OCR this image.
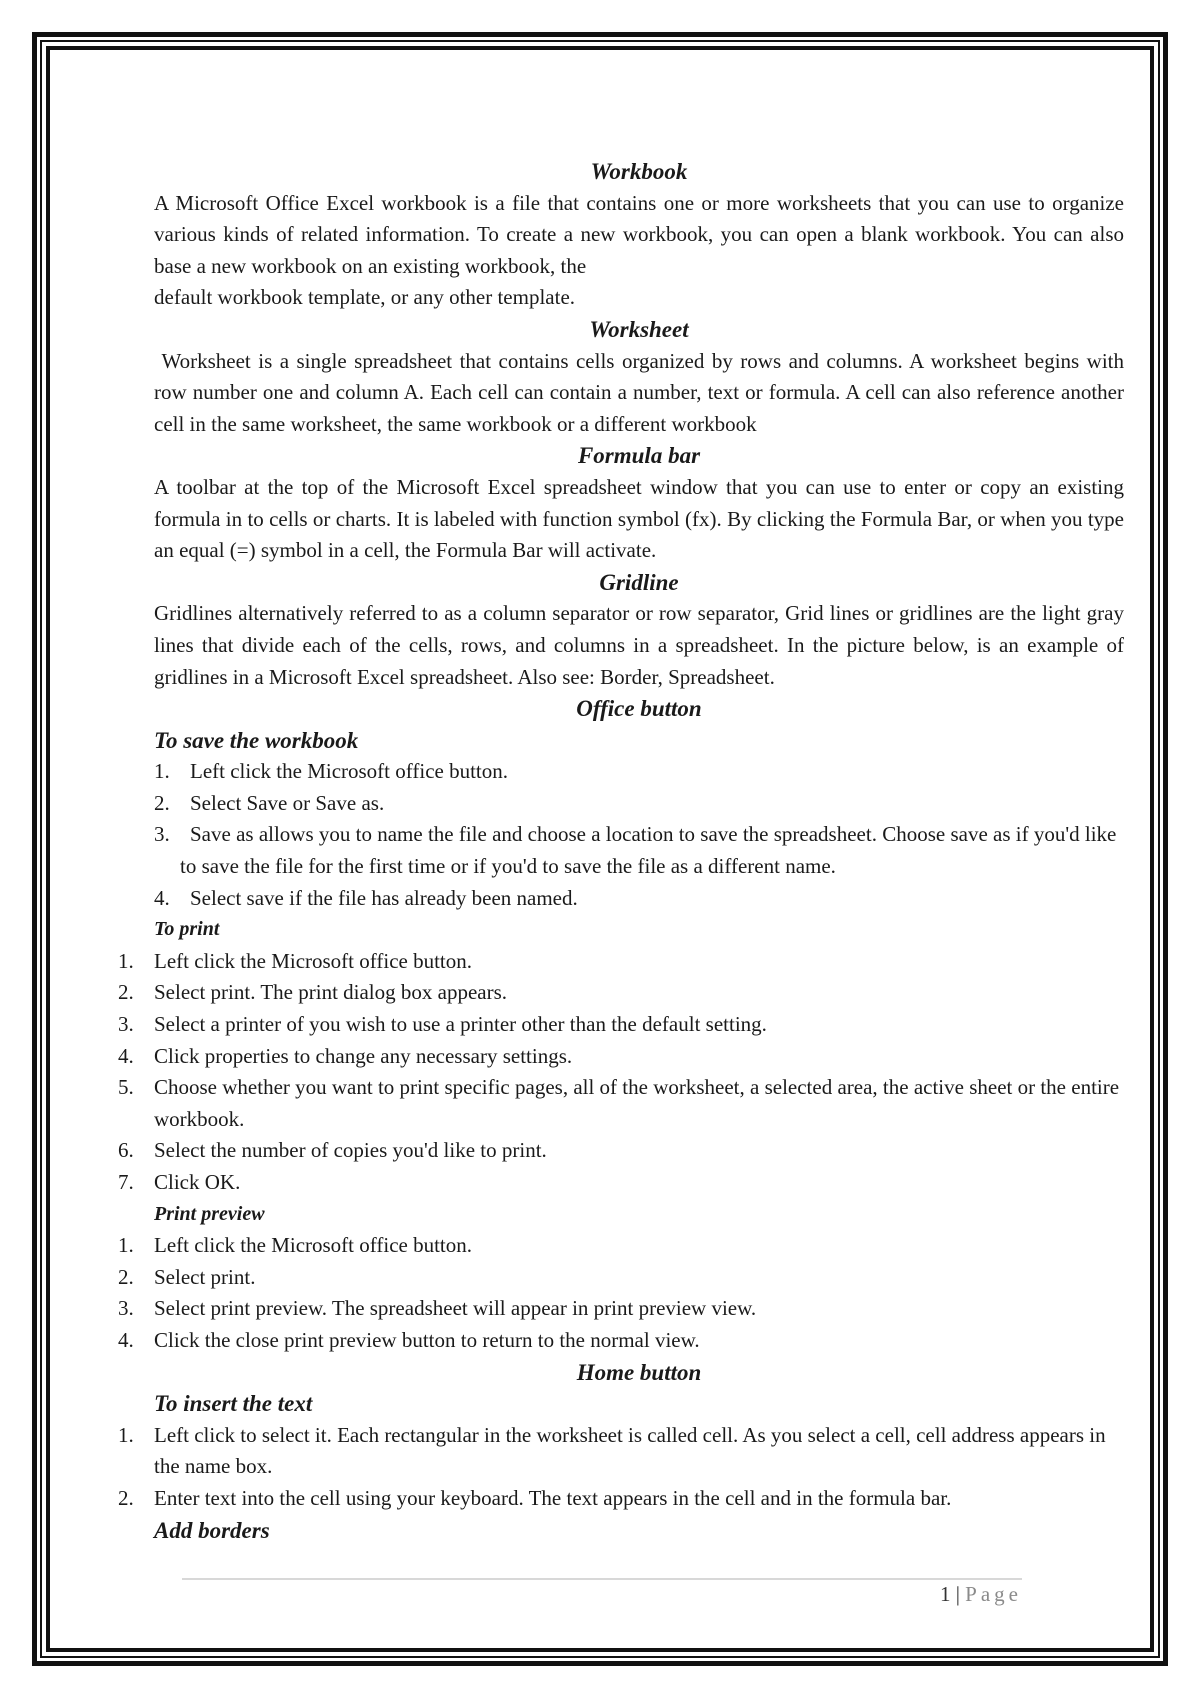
Workbook

A Microsoft Office Excel workbook is a file that contains one or more worksheets that you can use to organize various kinds of related information. To create a new workbook, you can open a blank workbook. You can also base a new workbook on an existing workbook, the

default workbook template, or any other template.

Worksheet

Worksheet is a single spreadsheet that contains cells organized by rows and columns. A worksheet begins with row number one and column A. Each cell can contain a number, text or formula. A cell can also reference another cell in the same worksheet, the same workbook or a different workbook

Formula bar

A toolbar at the top of the Microsoft Excel spreadsheet window that you can use to enter or copy an existing formula in to cells or charts. It is labeled with function symbol (fx). By clicking the Formula Bar, or when you type an equal (=) symbol in a cell, the Formula Bar will activate.

Gridline

Gridlines alternatively referred to as a column separator or row separator, Grid lines or gridlines are the light gray lines that divide each of the cells, rows, and columns in a spreadsheet. In the picture below, is an example of gridlines in a Microsoft Excel spreadsheet. Also see: Border, Spreadsheet.

Office button

To save the workbook

1. Left click the Microsoft office button.
2. Select Save or Save as.
3. Save as allows you to name the file and choose a location to save the spreadsheet. Choose save as if you'd like to save the file for the first time or if you'd to save the file as a different name.
4. Select save if the file has already been named.

To print

1. Left click the Microsoft office button.
2. Select print. The print dialog box appears.
3. Select a printer of you wish to use a printer other than the default setting.
4. Click properties to change any necessary settings.
5. Choose whether you want to print specific pages, all of the worksheet, a selected area, the active sheet or the entire workbook.
6. Select the number of copies you'd like to print.
7. Click OK.

Print preview

1. Left click the Microsoft office button.
2. Select print.
3. Select print preview. The spreadsheet will appear in print preview view.
4. Click the close print preview button to return to the normal view.

Home button

To insert the text

1. Left click to select it. Each rectangular in the worksheet is called cell. As you select a cell, cell address appears in the name box.
2. Enter text into the cell using your keyboard. The text appears in the cell and in the formula bar.

Add borders

1 | Page
